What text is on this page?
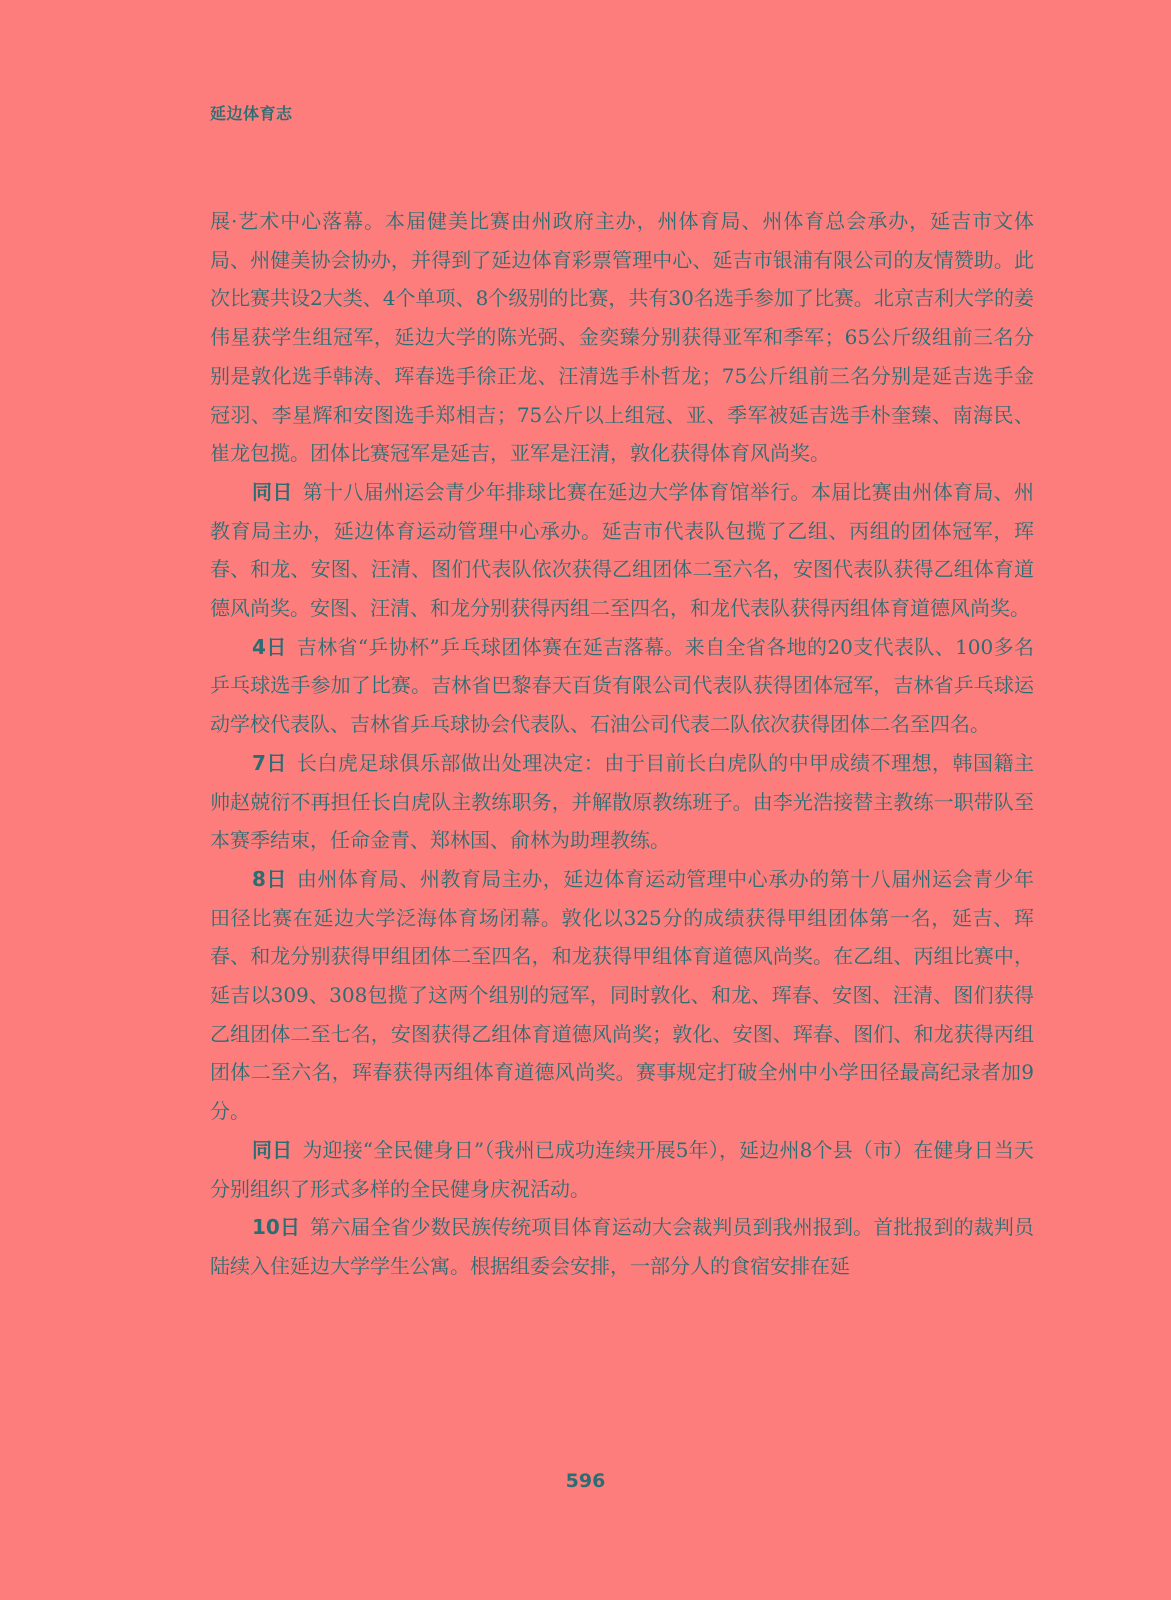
延边体育志

展·艺术中心落幕。本届健美比赛由州政府主办，州体育局、州体育总会承办，延吉市文体局、州健美协会协办，并得到了延边体育彩票管理中心、延吉市银浦有限公司的友情赞助。此次比赛共设2大类、4个单项、8个级别的比赛，共有30名选手参加了比赛。北京吉利大学的姜伟星获学生组冠军，延边大学的陈光弼、金奕臻分别获得亚军和季军；65公斤级组前三名分别是敦化选手韩涛、珲春选手徐正龙、汪清选手朴哲龙；75公斤组前三名分别是延吉选手金冠羽、李星辉和安图选手郑相吉；75公斤以上组冠、亚、季军被延吉选手朴奎臻、南海民、崔龙包揽。团体比赛冠军是延吉，亚军是汪清，敦化获得体育风尚奖。

同日 第十八届州运会青少年排球比赛在延边大学体育馆举行。本届比赛由州体育局、州教育局主办，延边体育运动管理中心承办。延吉市代表队包揽了乙组、丙组的团体冠军，珲春、和龙、安图、汪清、图们代表队依次获得乙组团体二至六名，安图代表队获得乙组体育道德风尚奖。安图、汪清、和龙分别获得丙组二至四名，和龙代表队获得丙组体育道德风尚奖。

4日 吉林省“乒协杯”乒乓球团体赛在延吉落幕。来自全省各地的20支代表队、100多名乒乓球选手参加了比赛。吉林省巴黎春天百货有限公司代表队获得团体冠军，吉林省乒乓球运动学校代表队、吉林省乒乓球协会代表队、石油公司代表二队依次获得团体二名至四名。

7日 长白虎足球俱乐部做出处理决定：由于目前长白虎队的中甲成绩不理想，韩国籍主帅赵兢衍不再担任长白虎队主教练职务，并解散原教练班子。由李光浩接替主教练一职带队至本赛季结束，任命金青、郑林国、俞林为助理教练。

8日 由州体育局、州教育局主办，延边体育运动管理中心承办的第十八届州运会青少年田径比赛在延边大学泛海体育场闭幕。敦化以325分的成绩获得甲组团体第一名，延吉、珲春、和龙分别获得甲组团体二至四名，和龙获得甲组体育道德风尚奖。在乙组、丙组比赛中，延吉以309、308包揽了这两个组别的冠军，同时敦化、和龙、珲春、安图、汪清、图们获得乙组团体二至七名，安图获得乙组体育道德风尚奖；敦化、安图、珲春、图们、和龙获得丙组团体二至六名，珲春获得丙组体育道德风尚奖。赛事规定打破全州中小学田径最高纪录者加9分。

同日 为迎接“全民健身日”（我州已成功连续开展5年），延边州8个县（市）在健身日当天分别组织了形式多样的全民健身庆祝活动。

10日 第六届全省少数民族传统项目体育运动大会裁判员到我州报到。首批报到的裁判员陆续入住延边大学学生公寓。根据组委会安排，一部分人的食宿安排在延

596
